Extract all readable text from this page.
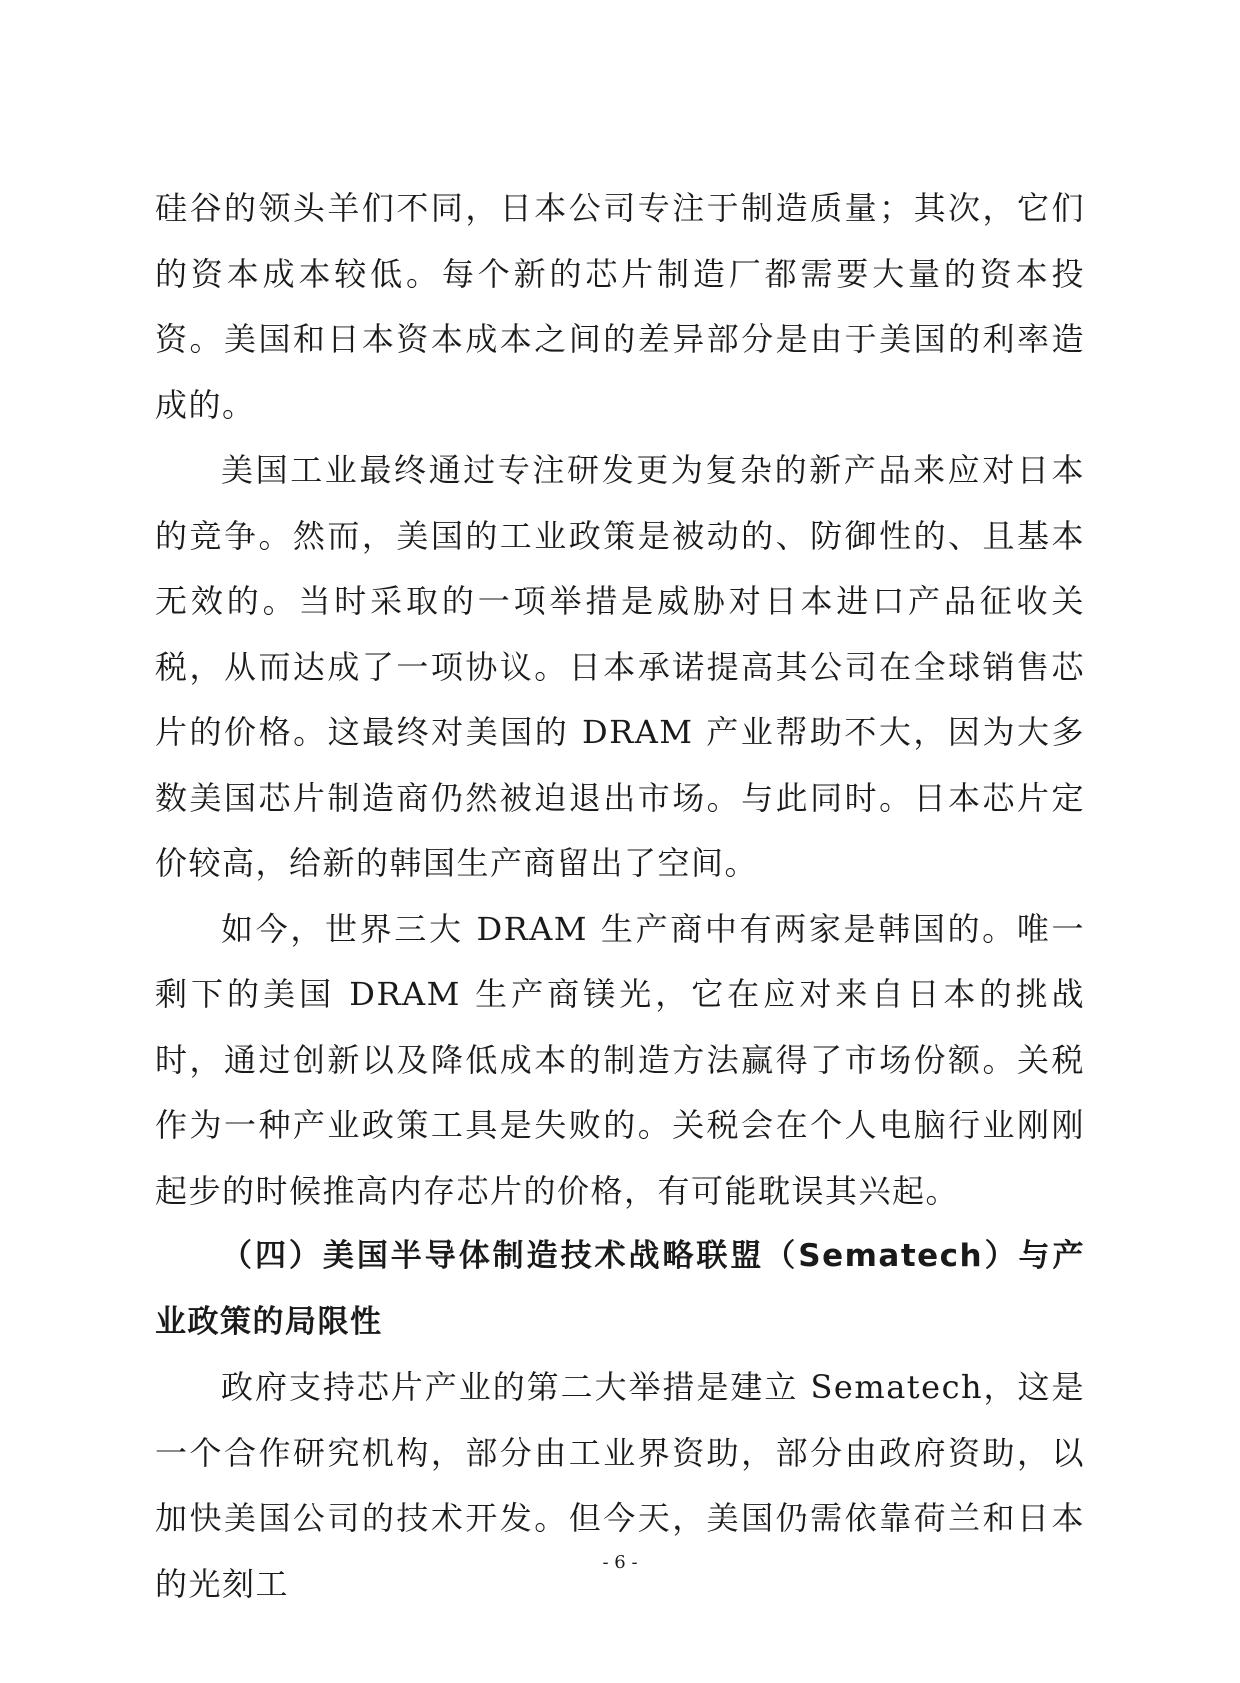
硅谷的领头羊们不同，日本公司专注于制造质量；其次，它们的资本成本较低。每个新的芯片制造厂都需要大量的资本投资。美国和日本资本成本之间的差异部分是由于美国的利率造成的。

美国工业最终通过专注研发更为复杂的新产品来应对日本的竞争。然而，美国的工业政策是被动的、防御性的、且基本无效的。当时采取的一项举措是威胁对日本进口产品征收关税，从而达成了一项协议。日本承诺提高其公司在全球销售芯片的价格。这最终对美国的 DRAM 产业帮助不大，因为大多数美国芯片制造商仍然被迫退出市场。与此同时。日本芯片定价较高，给新的韩国生产商留出了空间。

如今，世界三大 DRAM 生产商中有两家是韩国的。唯一剩下的美国 DRAM 生产商镁光，它在应对来自日本的挑战时，通过创新以及降低成本的制造方法赢得了市场份额。关税作为一种产业政策工具是失败的。关税会在个人电脑行业刚刚起步的时候推高内存芯片的价格，有可能耽误其兴起。

（四）美国半导体制造技术战略联盟（Sematech）与产业政策的局限性

政府支持芯片产业的第二大举措是建立 Sematech，这是一个合作研究机构，部分由工业界资助，部分由政府资助，以加快美国公司的技术开发。但今天，美国仍需依靠荷兰和日本的光刻工

- 6 -
